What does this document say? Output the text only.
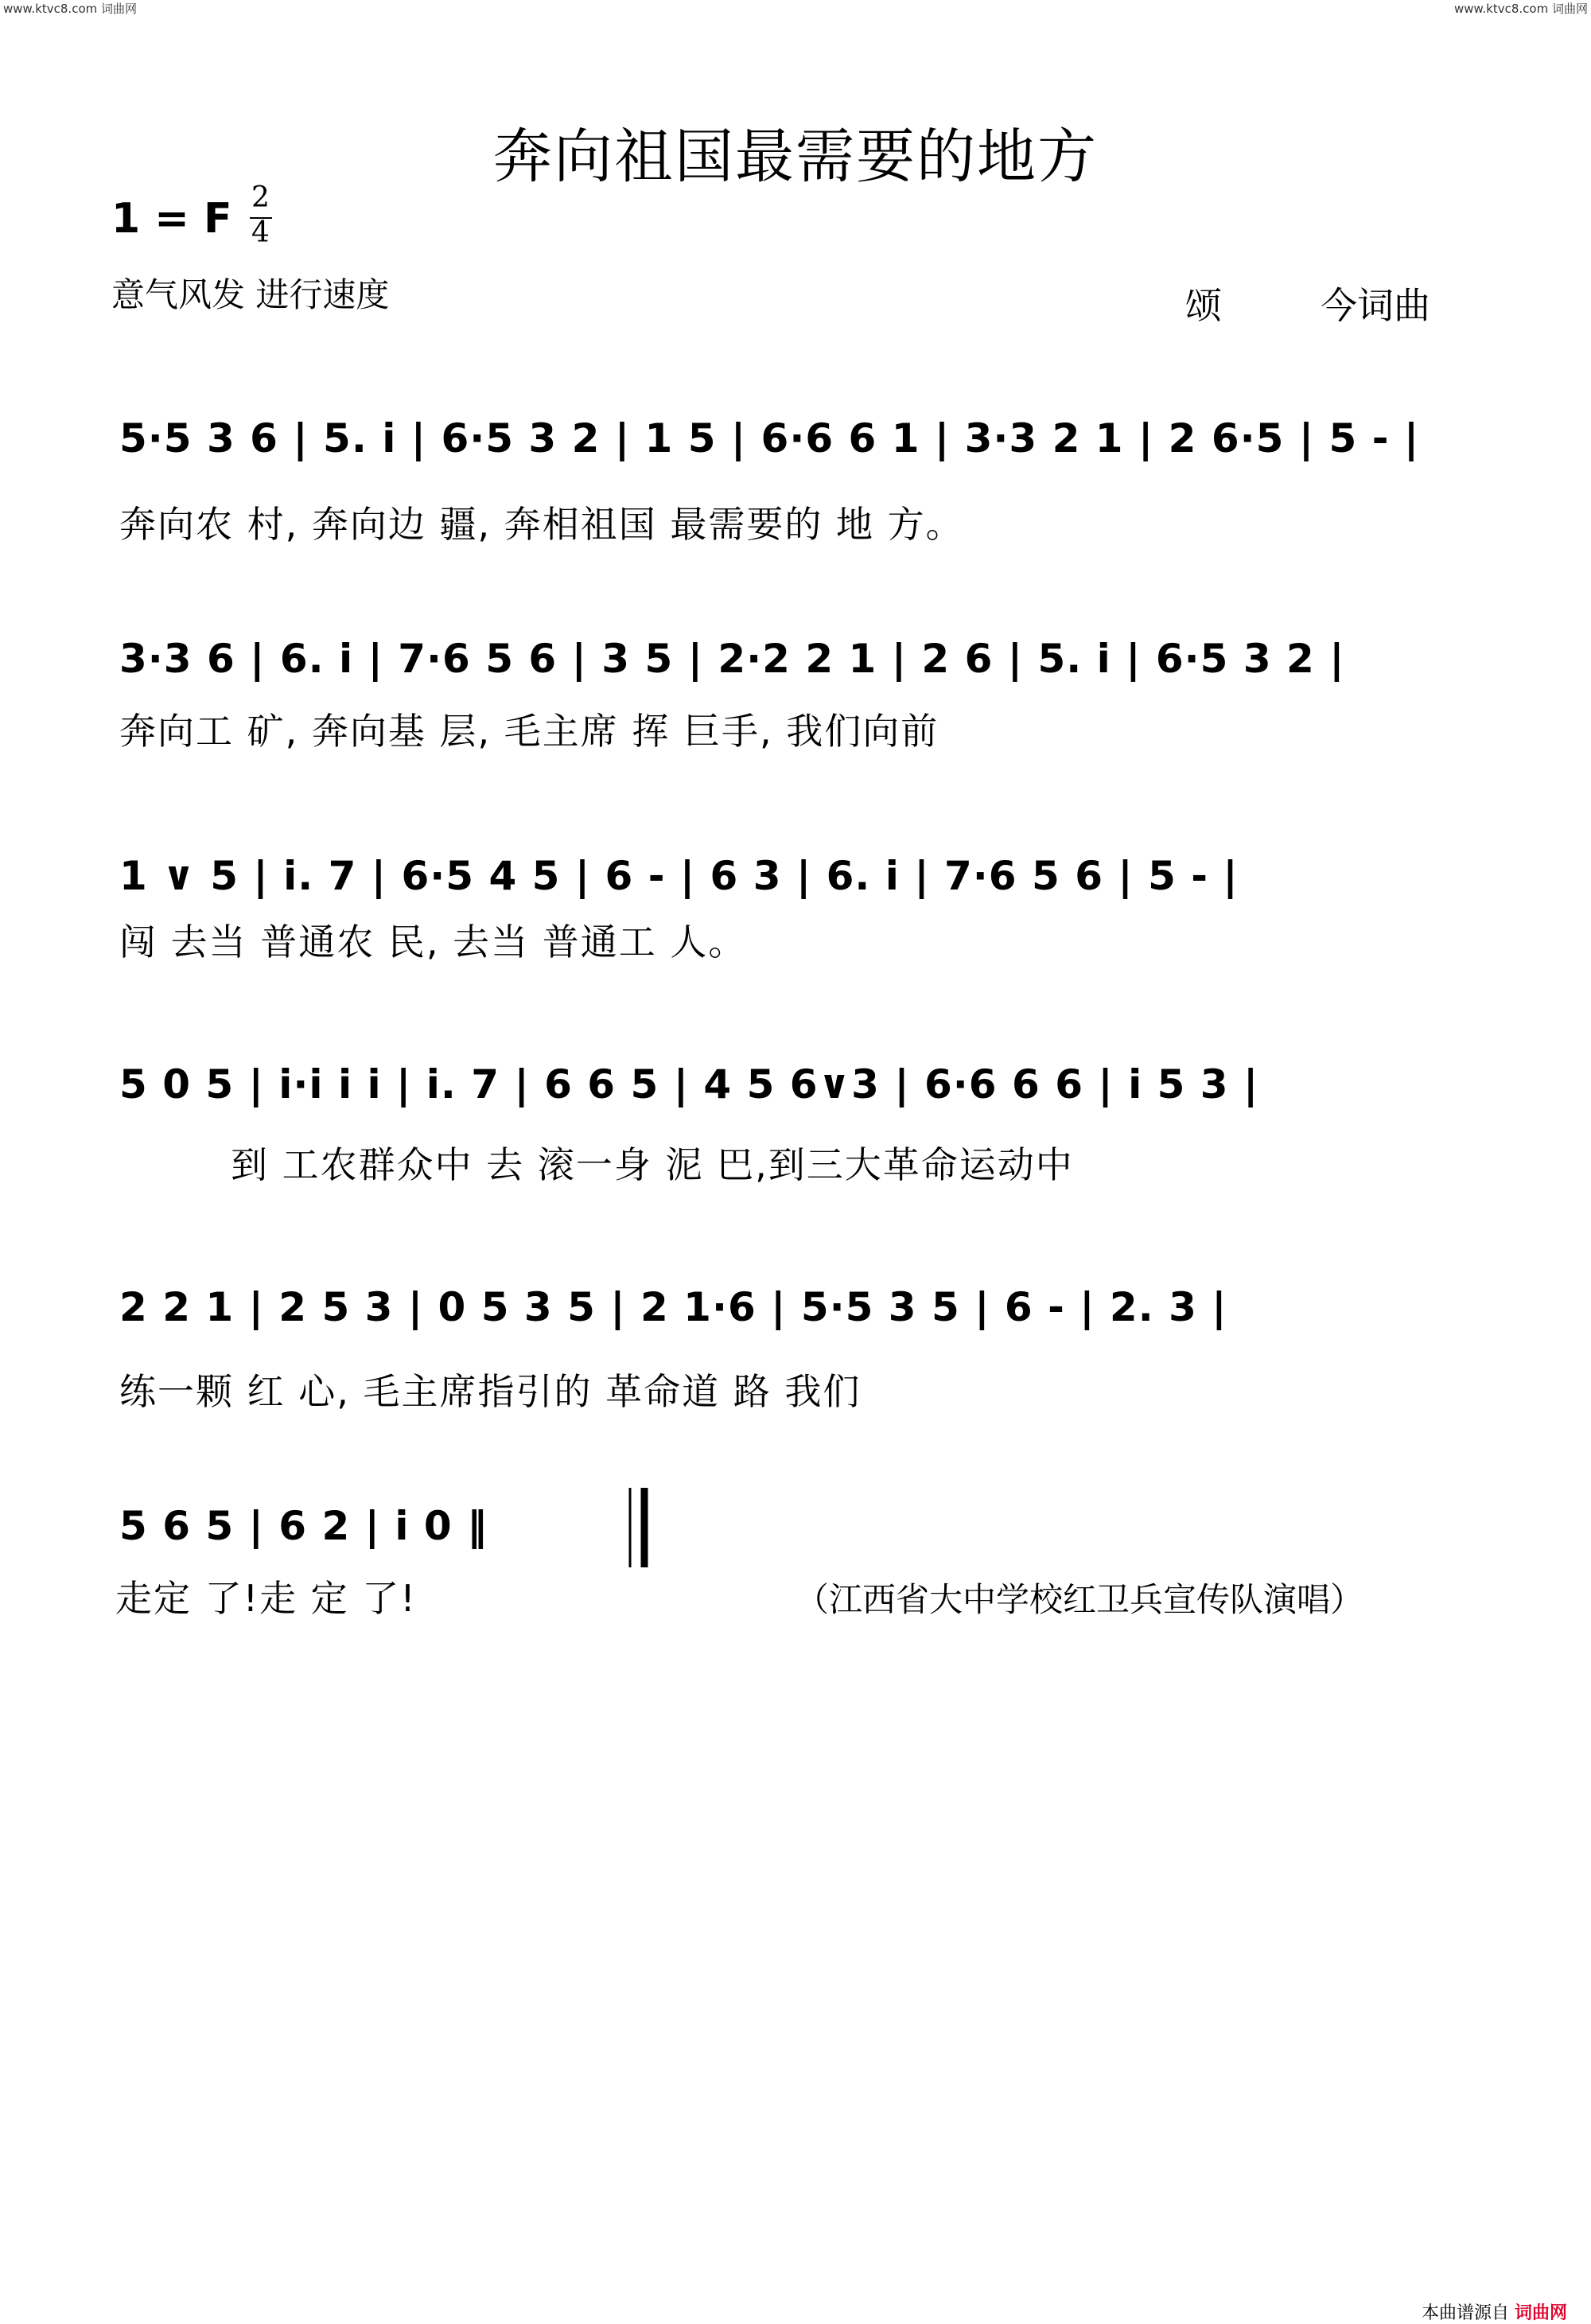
www.ktvc8.com 词曲网	www.ktvc8.com 词曲网
奔向祖国最需要的地方
1 = F 2
4
意气风发 进行速度	颂	今词曲
5·5 3 6 | 5. i | 6·5 3 2 | 1 5 | 6·6 6 1 | 3·3 2 1 | 2 6·5 | 5 - |
奔向农 村, 奔向边 疆, 奔相祖国 最需要的 地 方。
3·3 6 | 6. i | 7·6 5 6 | 3 5 | 2·2 2 1 | 2 6 | 5. i | 6·5 3 2 |
奔向工 矿, 奔向基 层, 毛主席 挥 巨手, 我们向前
1 ∨ 5 | i. 7 | 6·5 4 5 | 6 - | 6 3 | 6. i | 7·6 5 6 | 5 - |
闯 去当 普通农 民, 去当 普通工 人。
5 0 5 | i·i i i | i. 7 | 6 6 5 | 4 5 6∨3 | 6·6 6 6 | i 5 3 |
到 工农群众中 去 滚一身 泥 巴,到三大革命运动中
2 2 1 | 2 5 3 | 0 5 3 5 | 2 1·6 | 5·5 3 5 | 6 - | 2. 3 |
练一颗 红 心, 毛主席指引的 革命道 路 我们
5 6 5 | 6 2 | i 0 ‖
走定 了!走 定 了!	（江西省大中学校红卫兵宣传队演唱）
本曲谱源自 词曲网
